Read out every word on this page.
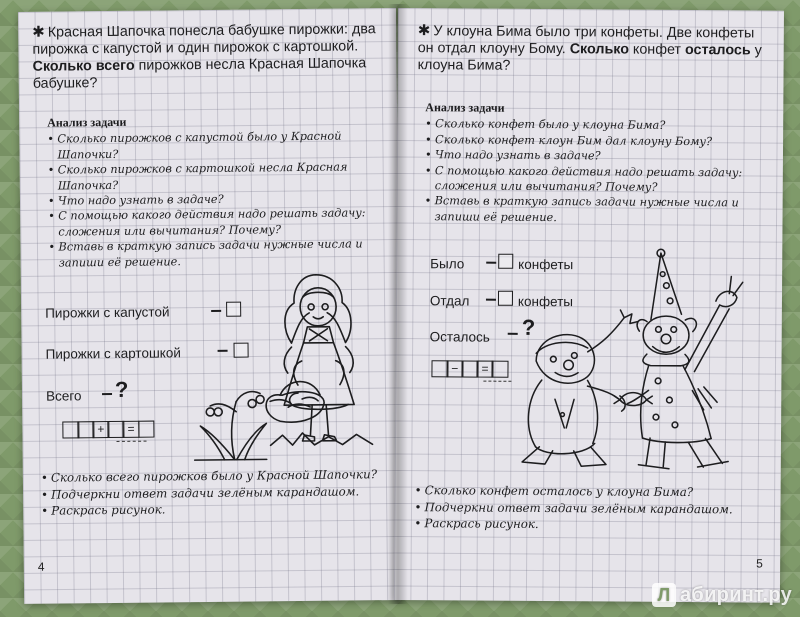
✱ Красная Шапочка понесла бабушке пирожки: два пирожка с капустой и один пирожок с картошкой. Сколько всего пирожков несла Красная Шапочка бабушке?
Анализ задачи
• Сколько пирожков с капустой было у Красной Шапочки?
• Сколько пирожков с картошкой несла Красная Шапочка?
• Что надо узнать в задаче?
• С помощью какого действия надо решать задачу: сложения или вычитания? Почему?
• Вставь в краткую запись задачи нужные числа и запиши её решение.
Пирожки с капустой
Пирожки с картошкой
Всего ?
+	=
• Сколько всего пирожков было у Красной Шапочки?
• Подчеркни ответ задачи зелёным карандашом.
• Раскрась рисунок.
4
✱ У клоуна Бима было три конфеты. Две конфеты он отдал клоуну Бому. Сколько конфет осталось у клоуна Бима?
Анализ задачи
• Сколько конфет было у клоуна Бима?
• Сколько конфет клоун Бим дал клоуну Бому?
• Что надо узнать в задаче?
• С помощью какого действия надо решать задачу: сложения или вычитания? Почему?
• Вставь в краткую запись задачи нужные числа и запиши её решение.
Было	конфеты
Отдал	конфеты
Осталось ?
−	=
• Сколько конфет осталось у клоуна Бима?
• Подчеркни ответ задачи зелёным карандашом.
• Раскрась рисунок.
5
Л абиринт.ру
